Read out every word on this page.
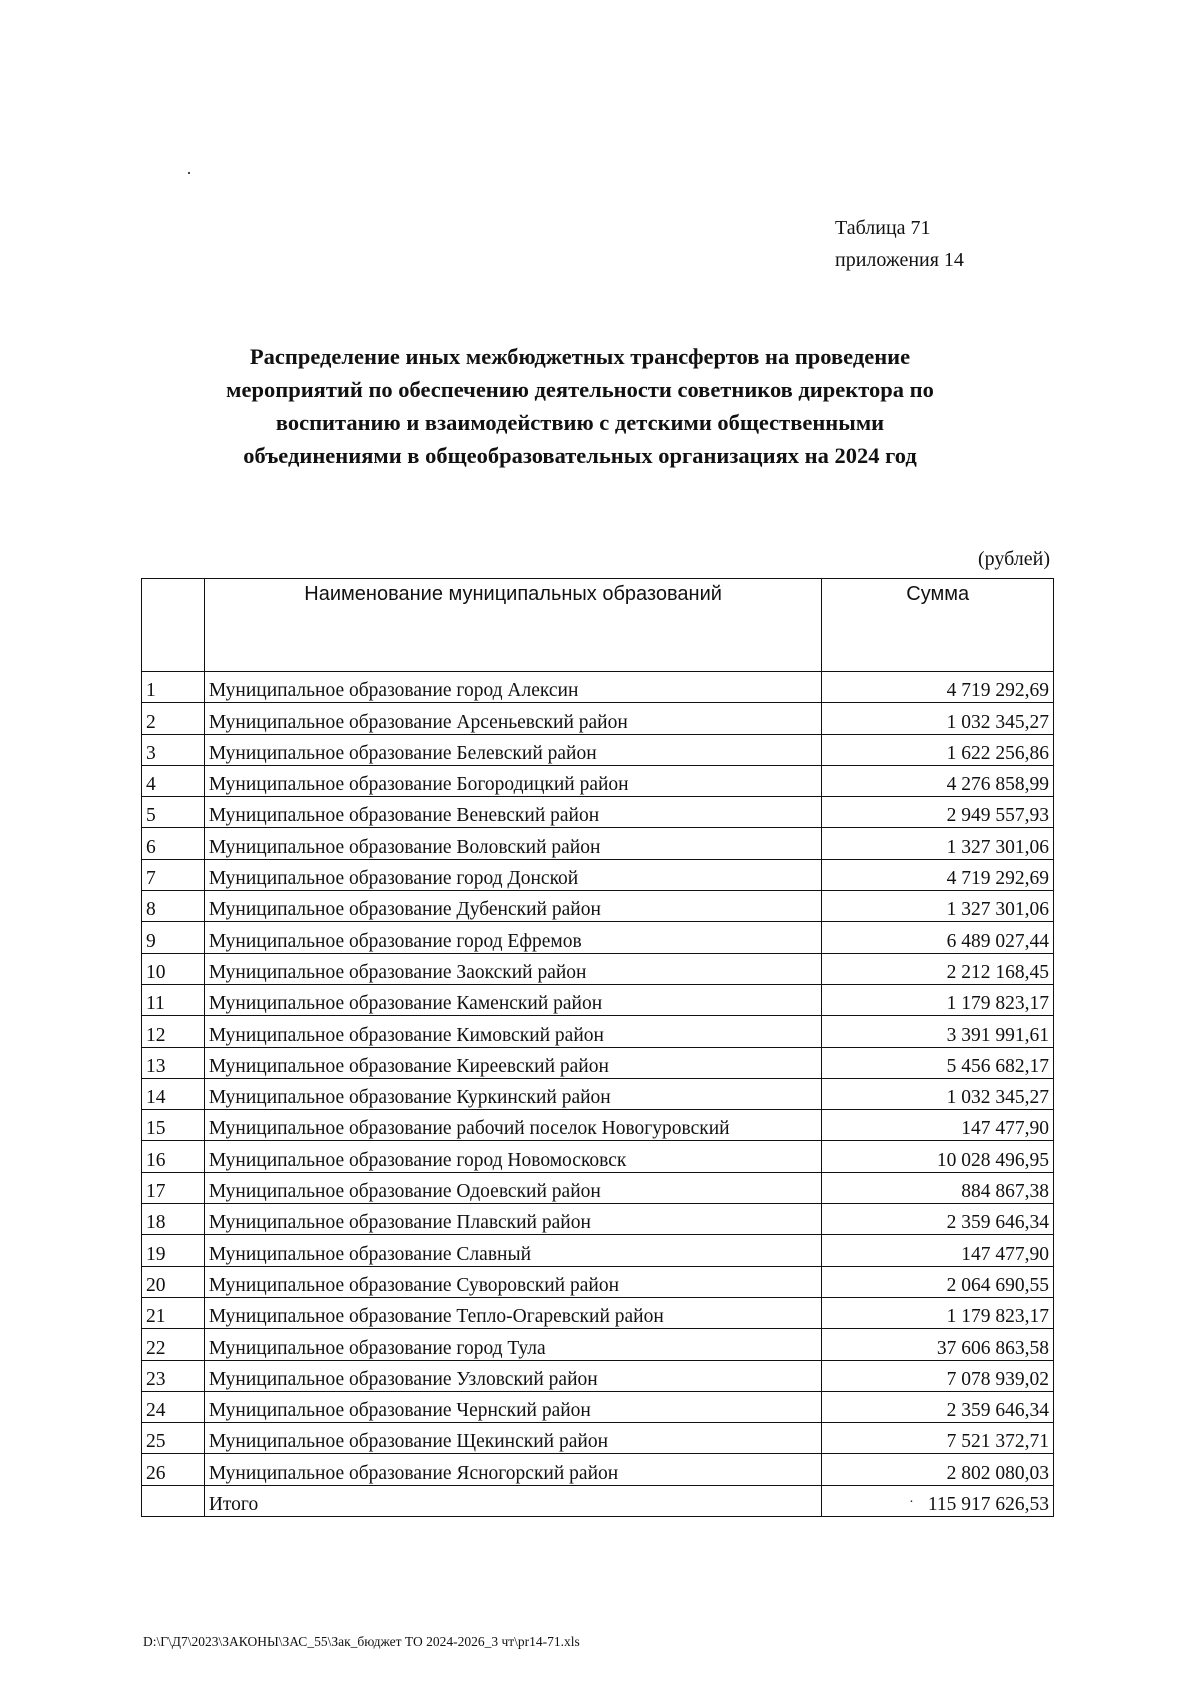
Таблица 71
приложения 14
Распределение иных межбюджетных трансфертов на проведение
мероприятий по обеспечению деятельности советников директора по
воспитанию и взаимодействию с детскими общественными
объединениями в общеобразовательных организациях на 2024 год
(рублей)
	Наименование муниципальных образований	Сумма
1	Муниципальное образование город Алексин	4 719 292,69
2	Муниципальное образование Арсеньевский район	1 032 345,27
3	Муниципальное образование Белевский район	1 622 256,86
4	Муниципальное образование Богородицкий район	4 276 858,99
5	Муниципальное образование Веневский район	2 949 557,93
6	Муниципальное образование Воловский район	1 327 301,06
7	Муниципальное образование город Донской	4 719 292,69
8	Муниципальное образование Дубенский район	1 327 301,06
9	Муниципальное образование город Ефремов	6 489 027,44
10	Муниципальное образование Заокский район	2 212 168,45
11	Муниципальное образование Каменский район	1 179 823,17
12	Муниципальное образование Кимовский район	3 391 991,61
13	Муниципальное образование Киреевский район	5 456 682,17
14	Муниципальное образование Куркинский район	1 032 345,27
15	Муниципальное образование рабочий поселок Новогуровский	147 477,90
16	Муниципальное образование город Новомосковск	10 028 496,95
17	Муниципальное образование Одоевский район	884 867,38
18	Муниципальное образование Плавский район	2 359 646,34
19	Муниципальное образование Славный	147 477,90
20	Муниципальное образование Суворовский район	2 064 690,55
21	Муниципальное образование Тепло-Огаревский район	1 179 823,17
22	Муниципальное образование город Тула	37 606 863,58
23	Муниципальное образование Узловский район	7 078 939,02
24	Муниципальное образование Чернский район	2 359 646,34
25	Муниципальное образование Щекинский район	7 521 372,71
26	Муниципальное образование Ясногорский район	2 802 080,03
	Итого	· 115 917 626,53
D:\Г\Д7\2023\ЗАКОНЫ\ЗАС_55\Зак_бюджет ТО 2024-2026_3 чт\pr14-71.xls
